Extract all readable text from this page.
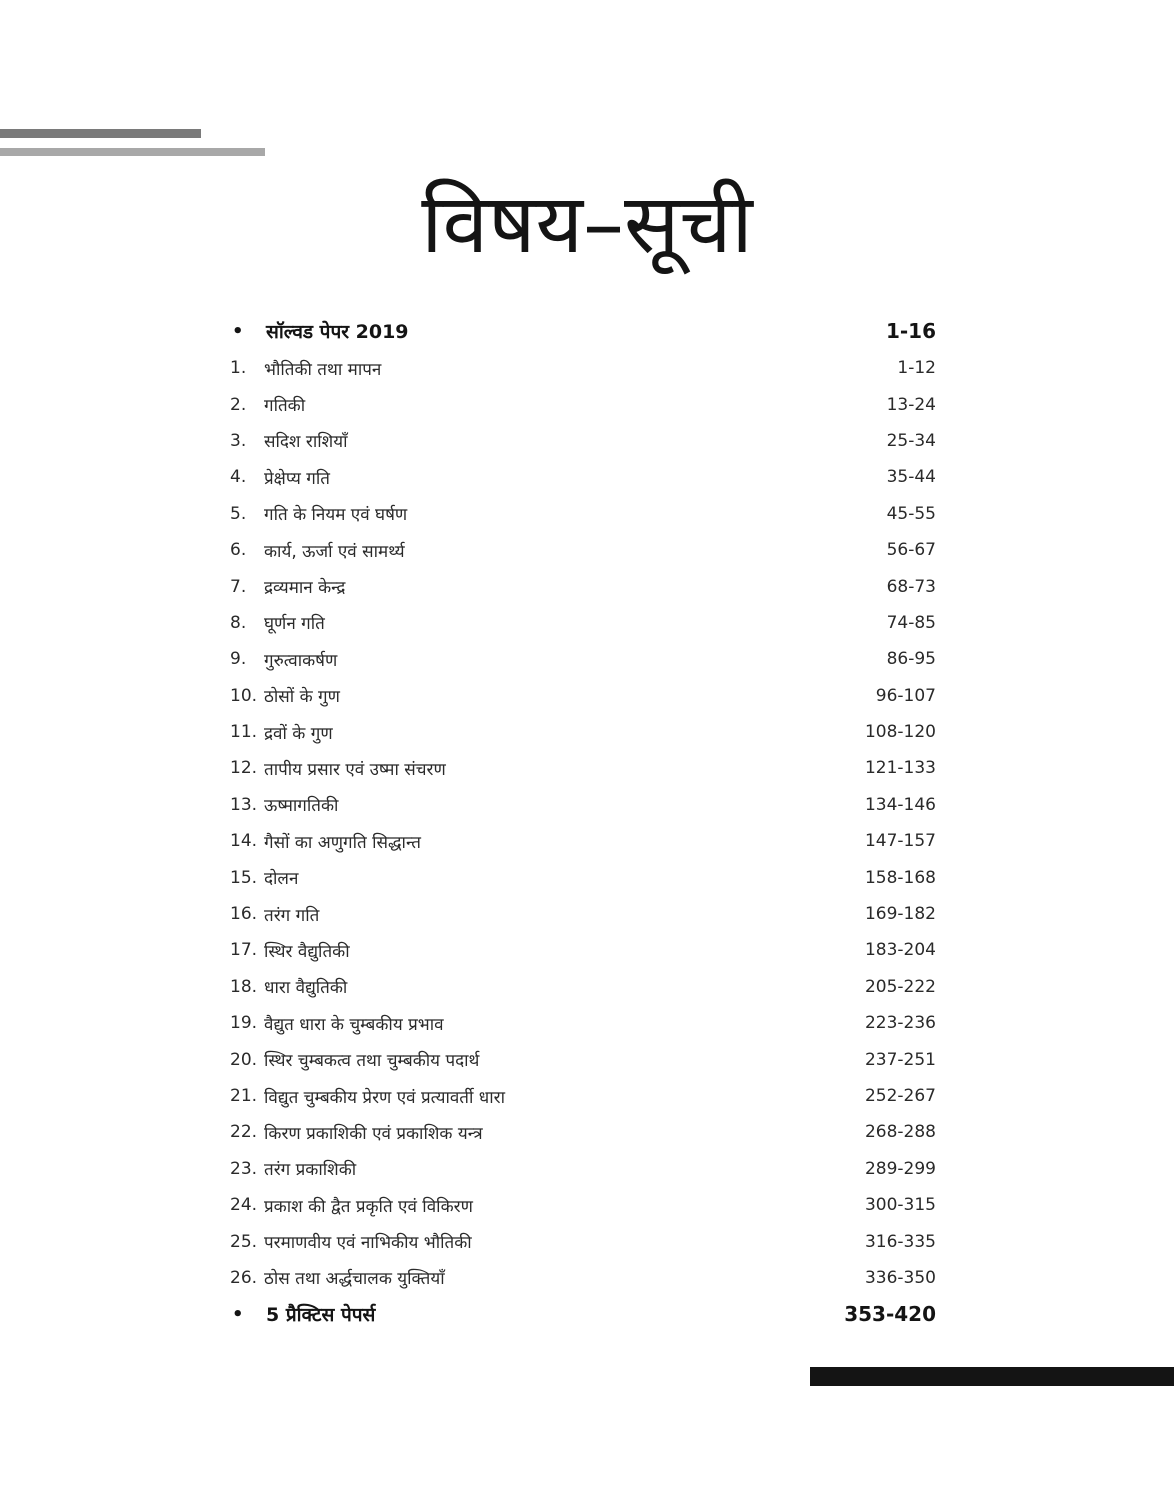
विषय–सूची
•	सॉल्वड पेपर 2019	1-16
1.	भौतिकी तथा मापन	1-12
2.	गतिकी	13-24
3.	सदिश राशियाँ	25-34
4.	प्रेक्षेप्य गति	35-44
5.	गति के नियम एवं घर्षण	45-55
6.	कार्य, ऊर्जा एवं सामर्थ्य	56-67
7.	द्रव्यमान केन्द्र	68-73
8.	घूर्णन गति	74-85
9.	गुरुत्वाकर्षण	86-95
10. ठोसों के गुण	96-107
11. द्रवों के गुण	108-120
12. तापीय प्रसार एवं उष्मा संचरण	121-133
13. ऊष्मागतिकी	134-146
14. गैसों का अणुगति सिद्धान्त	147-157
15. दोलन	158-168
16. तरंग गति	169-182
17. स्थिर वैद्युतिकी	183-204
18. धारा वैद्युतिकी	205-222
19. वैद्युत धारा के चुम्बकीय प्रभाव	223-236
20. स्थिर चुम्बकत्व तथा चुम्बकीय पदार्थ	237-251
21. विद्युत चुम्बकीय प्रेरण एवं प्रत्यावर्ती धारा	252-267
22. किरण प्रकाशिकी एवं प्रकाशिक यन्त्र	268-288
23. तरंग प्रकाशिकी	289-299
24. प्रकाश की द्वैत प्रकृति एवं विकिरण	300-315
25. परमाणवीय एवं नाभिकीय भौतिकी	316-335
26. ठोस तथा अर्द्धचालक युक्तियाँ	336-350
•	5 प्रैक्टिस पेपर्स	353-420
